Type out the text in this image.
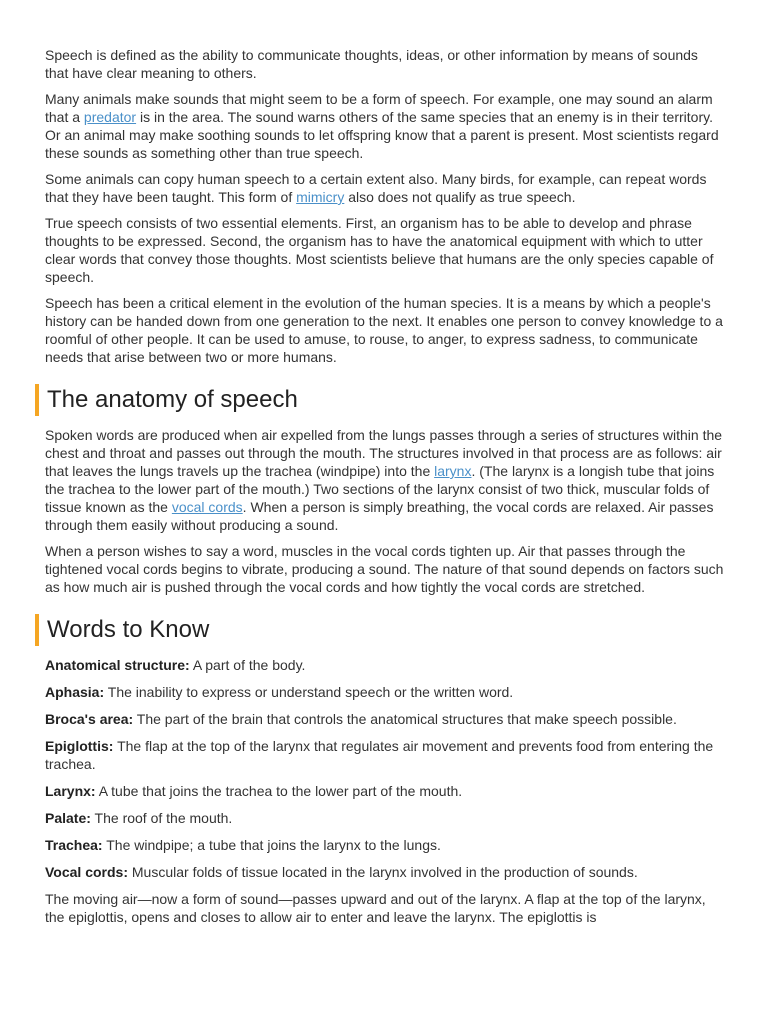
Speech is defined as the ability to communicate thoughts, ideas, or other information by means of sounds that have clear meaning to others.

Many animals make sounds that might seem to be a form of speech. For example, one may sound an alarm that a predator is in the area. The sound warns others of the same species that an enemy is in their territory. Or an animal may make soothing sounds to let offspring know that a parent is present. Most scientists regard these sounds as something other than true speech.

Some animals can copy human speech to a certain extent also. Many birds, for example, can repeat words that they have been taught. This form of mimicry also does not qualify as true speech.

True speech consists of two essential elements. First, an organism has to be able to develop and phrase thoughts to be expressed. Second, the organism has to have the anatomical equipment with which to utter clear words that convey those thoughts. Most scientists believe that humans are the only species capable of speech.

Speech has been a critical element in the evolution of the human species. It is a means by which a people's history can be handed down from one generation to the next. It enables one person to convey knowledge to a roomful of other people. It can be used to amuse, to rouse, to anger, to express sadness, to communicate needs that arise between two or more humans.

The anatomy of speech

Spoken words are produced when air expelled from the lungs passes through a series of structures within the chest and throat and passes out through the mouth. The structures involved in that process are as follows: air that leaves the lungs travels up the trachea (windpipe) into the larynx. (The larynx is a longish tube that joins the trachea to the lower part of the mouth.) Two sections of the larynx consist of two thick, muscular folds of tissue known as the vocal cords. When a person is simply breathing, the vocal cords are relaxed. Air passes through them easily without producing a sound.

When a person wishes to say a word, muscles in the vocal cords tighten up. Air that passes through the tightened vocal cords begins to vibrate, producing a sound. The nature of that sound depends on factors such as how much air is pushed through the vocal cords and how tightly the vocal cords are stretched.

Words to Know

Anatomical structure: A part of the body.

Aphasia: The inability to express or understand speech or the written word.

Broca's area: The part of the brain that controls the anatomical structures that make speech possible.

Epiglottis: The flap at the top of the larynx that regulates air movement and prevents food from entering the trachea.

Larynx: A tube that joins the trachea to the lower part of the mouth.

Palate: The roof of the mouth.

Trachea: The windpipe; a tube that joins the larynx to the lungs.

Vocal cords: Muscular folds of tissue located in the larynx involved in the production of sounds.

The moving air—now a form of sound—passes upward and out of the larynx. A flap at the top of the larynx, the epiglottis, opens and closes to allow air to enter and leave the larynx. The epiglottis is
